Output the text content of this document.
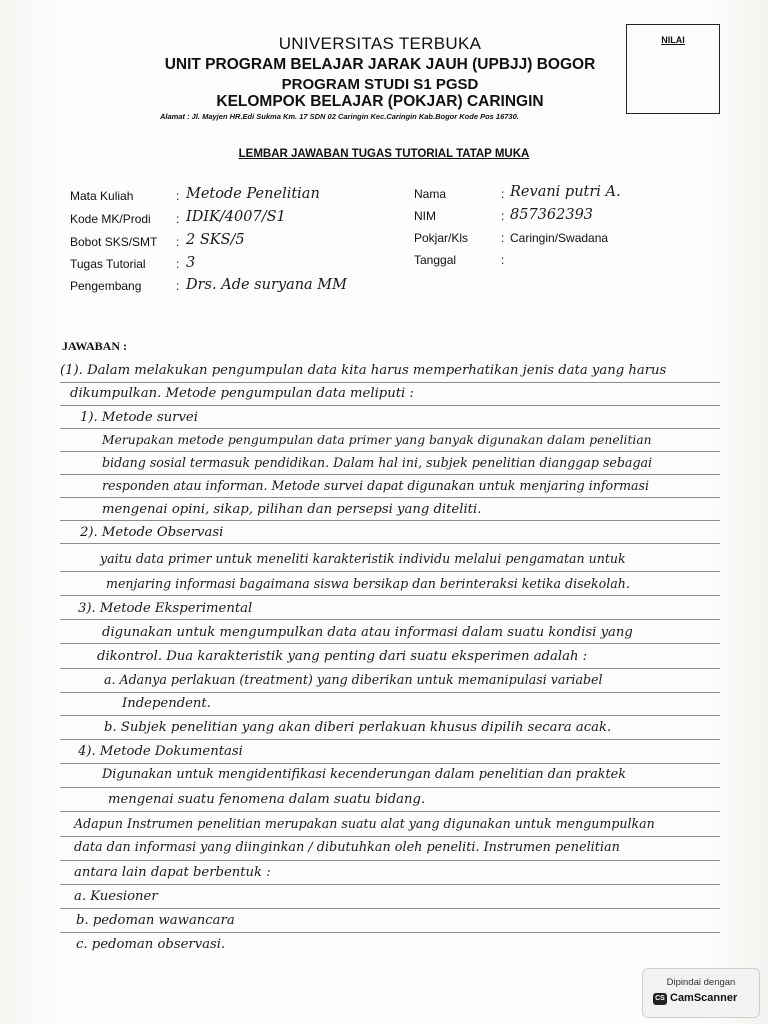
UNIVERSITAS TERBUKA
UNIT PROGRAM BELAJAR JARAK JAUH (UPBJJ) BOGOR
PROGRAM STUDI S1 PGSD
KELOMPOK BELAJAR (POKJAR) CARINGIN
Alamat : Jl. Mayjen HR.Edi Sukma Km. 17 SDN 02 Caringin Kec.Caringin Kab.Bogor Kode Pos 16730.
NILAI
LEMBAR JAWABAN TUGAS TUTORIAL TATAP MUKA
Mata Kuliah	: Metode Penelitian
Kode MK/Prodi : IDIK/4007/S1
Bobot SKS/SMT : 2 SKS/5
Tugas Tutorial	: 3
Pengembang	: Drs. Ade suryana MM
Nama	: Revani putri A.
NIM	: 857362393
Pokjar/Kls	: Caringin/Swadana
Tanggal	:
JAWABAN :
(1). Dalam melakukan pengumpulan data kita harus memperhatikan jenis data yang harus
dikumpulkan. Metode pengumpulan data meliputi :
1). Metode survei
Merupakan metode pengumpulan data primer yang banyak digunakan dalam penelitian
bidang sosial termasuk pendidikan. Dalam hal ini, subjek penelitian dianggap sebagai
responden atau informan. Metode survei dapat digunakan untuk menjaring informasi
mengenai opini, sikap, pilihan dan persepsi yang diteliti.
2). Metode Observasi
yaitu data primer untuk meneliti karakteristik individu melalui pengamatan untuk
menjaring informasi bagaimana siswa bersikap dan berinteraksi ketika disekolah.
3). Metode Eksperimental
digunakan untuk mengumpulkan data atau informasi dalam suatu kondisi yang
dikontrol. Dua karakteristik yang penting dari suatu eksperimen adalah :
a. Adanya perlakuan (treatment) yang diberikan untuk memanipulasi variabel
Independent.
b. Subjek penelitian yang akan diberi perlakuan khusus dipilih secara acak.
4). Metode Dokumentasi
Digunakan untuk mengidentifikasi kecenderungan dalam penelitian dan praktek
mengenai suatu fenomena dalam suatu bidang.
Adapun Instrumen penelitian merupakan suatu alat yang digunakan untuk mengumpulkan
data dan informasi yang diinginkan / dibutuhkan oleh peneliti. Instrumen penelitian
antara lain dapat berbentuk :
a. Kuesioner
b. pedoman wawancara
c. pedoman observasi.
Dipindai dengan
CS CamScanner
